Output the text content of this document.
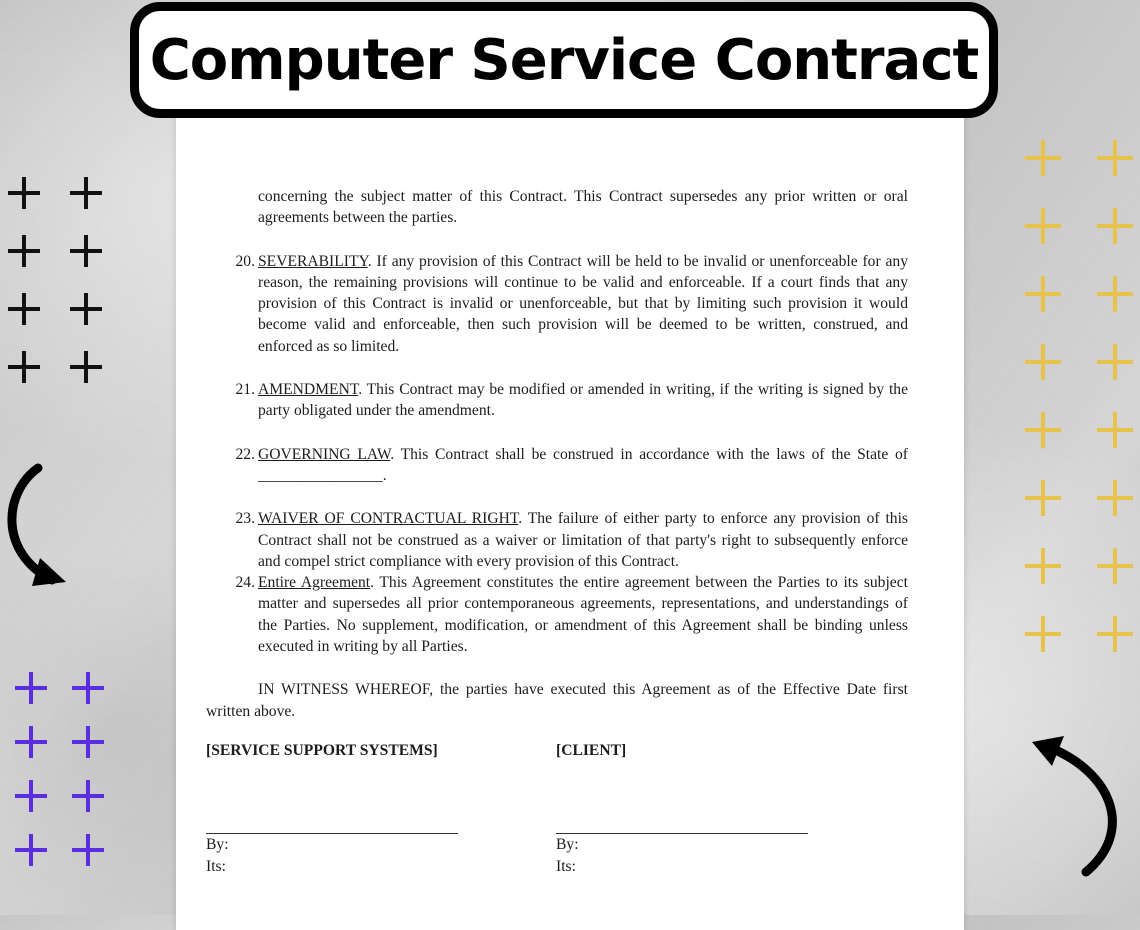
Computer Service Contract
concerning the subject matter of this Contract. This Contract supersedes any prior written or oral agreements between the parties.
20. SEVERABILITY. If any provision of this Contract will be held to be invalid or unenforceable for any reason, the remaining provisions will continue to be valid and enforceable. If a court finds that any provision of this Contract is invalid or unenforceable, but that by limiting such provision it would become valid and enforceable, then such provision will be deemed to be written, construed, and enforced as so limited.
21. AMENDMENT. This Contract may be modified or amended in writing, if the writing is signed by the party obligated under the amendment.
22. GOVERNING LAW. This Contract shall be construed in accordance with the laws of the State of ________________.
23. WAIVER OF CONTRACTUAL RIGHT. The failure of either party to enforce any provision of this Contract shall not be construed as a waiver or limitation of that party's right to subsequently enforce and compel strict compliance with every provision of this Contract.
24. Entire Agreement. This Agreement constitutes the entire agreement between the Parties to its subject matter and supersedes all prior contemporaneous agreements, representations, and understandings of the Parties. No supplement, modification, or amendment of this Agreement shall be binding unless executed in writing by all Parties.
IN WITNESS WHEREOF, the parties have executed this Agreement as of the Effective Date first written above.
[SERVICE SUPPORT SYSTEMS]	[CLIENT]
By:	By:
Its:	Its:
